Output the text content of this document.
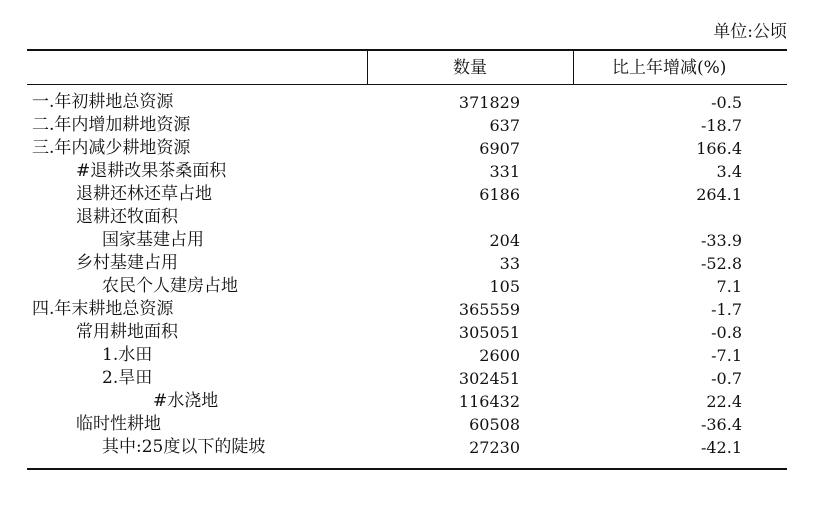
单位:公顷
数量	比上年增减(%)
一.年初耕地总资源	371829	-0.5
二.年内增加耕地资源	637	-18.7
三.年内减少耕地资源	6907	166.4
#退耕改果茶桑面积	331	3.4
退耕还林还草占地	6186	264.1
退耕还牧面积
国家基建占用	204	-33.9
乡村基建占用	33	-52.8
农民个人建房占地	105	7.1
四.年末耕地总资源	365559	-1.7
常用耕地面积	305051	-0.8
1.水田	2600	-7.1
2.旱田	302451	-0.7
#水浇地	116432	22.4
临时性耕地	60508	-36.4
其中:25度以下的陡坡	27230	-42.1
